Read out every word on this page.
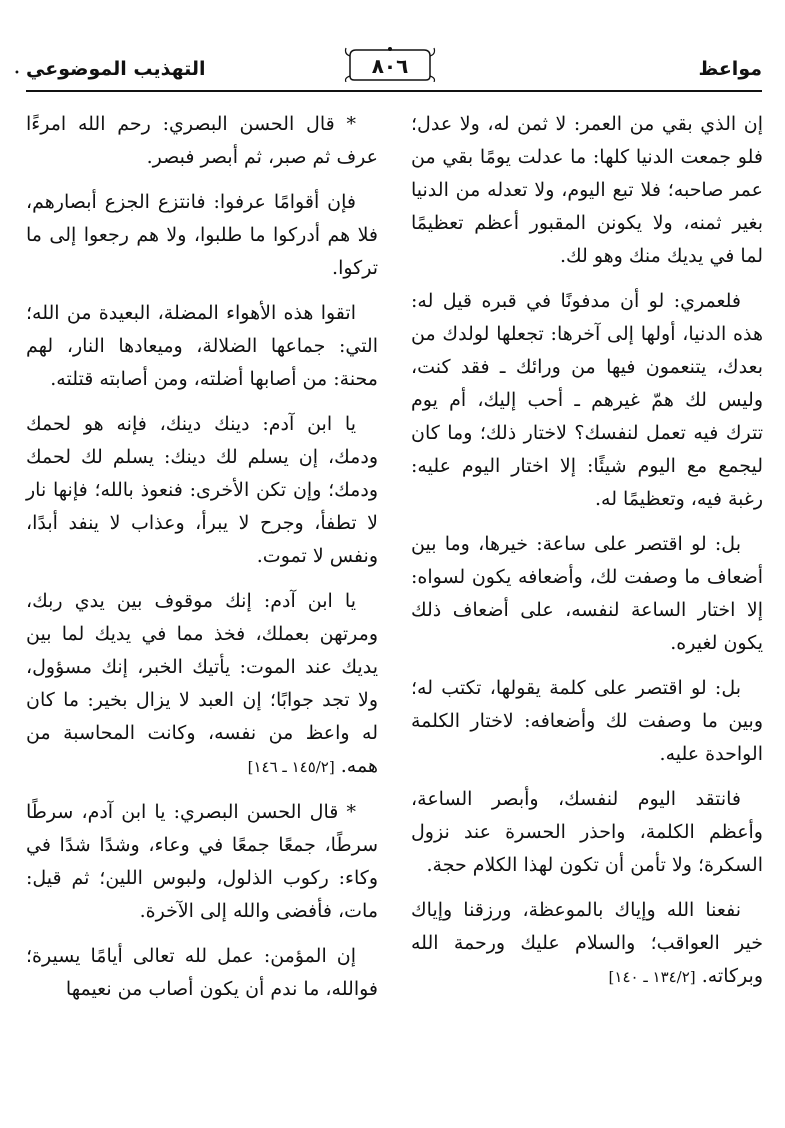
مواعظ
٨٠٦
التهذيب الموضوعي
•

إن الذي بقي من العمر: لا ثمن له، ولا عدل؛ فلو جمعت الدنيا كلها: ما عدلت يومًا بقي من عمر صاحبه؛ فلا تبع اليوم، ولا تعدله من الدنيا بغير ثمنه، ولا يكونن المقبور أعظم تعظيمًا لما في يديك منك وهو لك.

فلعمري: لو أن مدفونًا في قبره قيل له: هذه الدنيا، أولها إلى آخرها: تجعلها لولدك من بعدك، يتنعمون فيها من ورائك ـ فقد كنت، وليس لك همّ غيرهم ـ أحب إليك، أم يوم تترك فيه تعمل لنفسك؟ لاختار ذلك؛ وما كان ليجمع مع اليوم شيئًا: إلا اختار اليوم عليه: رغبة فيه، وتعظيمًا له.

بل: لو اقتصر على ساعة: خيرها، وما بين أضعاف ما وصفت لك، وأضعافه يكون لسواه: إلا اختار الساعة لنفسه، على أضعاف ذلك يكون لغيره.

بل: لو اقتصر على كلمة يقولها، تكتب له؛ وبين ما وصفت لك وأضعافه: لاختار الكلمة الواحدة عليه.

فانتقد اليوم لنفسك، وأبصر الساعة، وأعظم الكلمة، واحذر الحسرة عند نزول السكرة؛ ولا تأمن أن تكون لهذا الكلام حجة.

نفعنا الله وإياك بالموعظة، ورزقنا وإياك خير العواقب؛ والسلام عليك ورحمة الله وبركاته. [١٣٤/٢ ـ ١٤٠]

* قال الحسن البصري: رحم الله امرءًا عرف ثم صبر، ثم أبصر فبصر.

فإن أقوامًا عرفوا: فانتزع الجزع أبصارهم، فلا هم أدركوا ما طلبوا، ولا هم رجعوا إلى ما تركوا.

اتقوا هذه الأهواء المضلة، البعيدة من الله؛ التي: جماعها الضلالة، وميعادها النار، لهم محنة: من أصابها أضلته، ومن أصابته قتلته.

يا ابن آدم: دينك دينك، فإنه هو لحمك ودمك، إن يسلم لك دينك: يسلم لك لحمك ودمك؛ وإن تكن الأخرى: فنعوذ بالله؛ فإنها نار لا تطفأ، وجرح لا يبرأ، وعذاب لا ينفد أبدًا، ونفس لا تموت.

يا ابن آدم: إنك موقوف بين يدي ربك، ومرتهن بعملك، فخذ مما في يديك لما بين يديك عند الموت: يأتيك الخبر، إنك مسؤول، ولا تجد جوابًا؛ إن العبد لا يزال بخير: ما كان له واعظ من نفسه، وكانت المحاسبة من همه. [١٤٥/٢ ـ ١٤٦]

* قال الحسن البصري: يا ابن آدم، سرطًا سرطًا، جمعًا جمعًا في وعاء، وشدًا شدًا في وكاء: ركوب الذلول، ولبوس اللين؛ ثم قيل: مات، فأفضى والله إلى الآخرة.

إن المؤمن: عمل لله تعالى أيامًا يسيرة؛ فوالله، ما ندم أن يكون أصاب من نعيمها
